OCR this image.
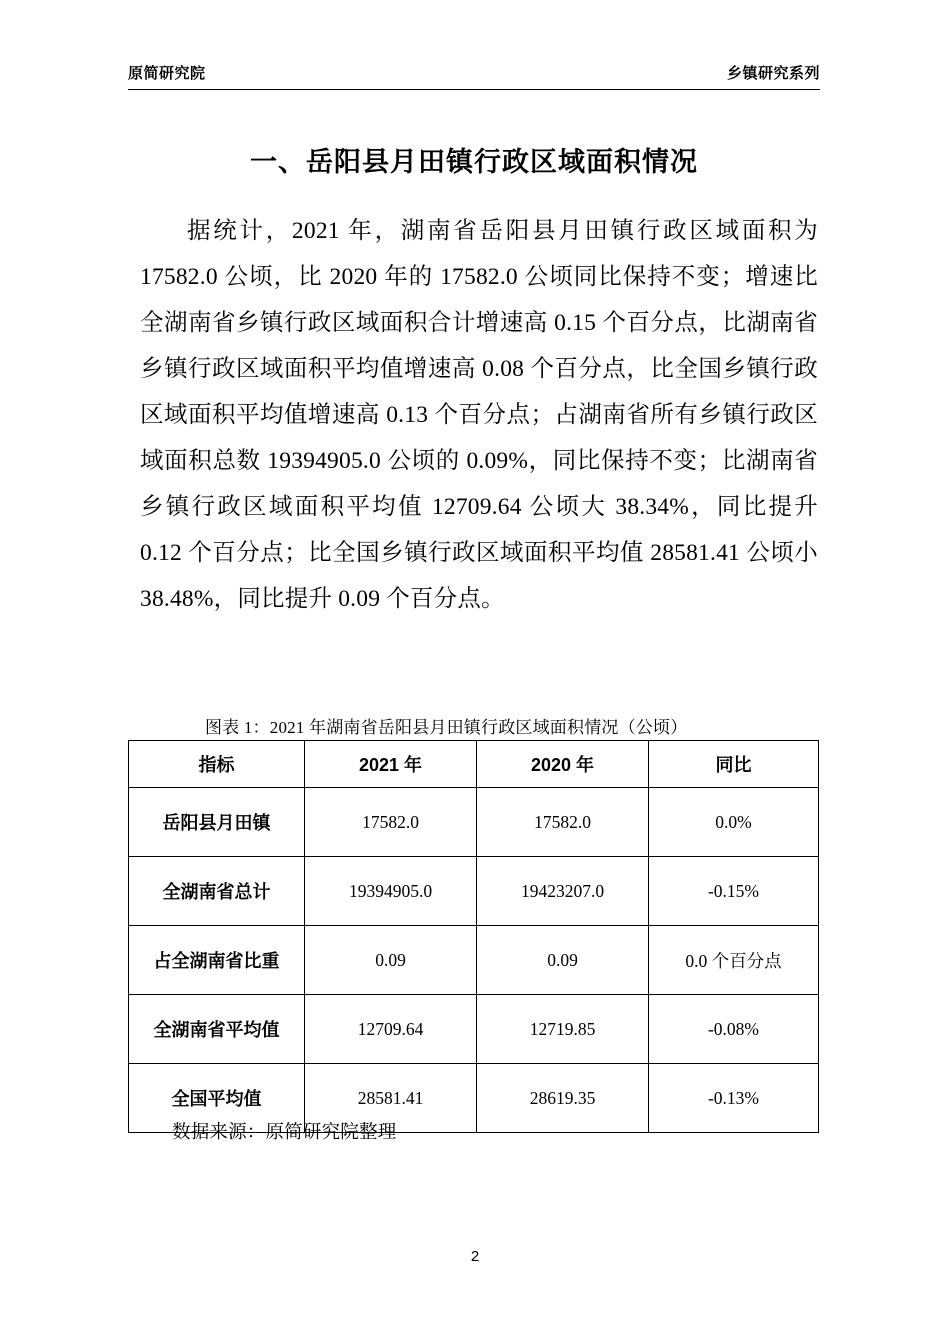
原简研究院	乡镇研究系列
一、岳阳县月田镇行政区域面积情况
据统计，2021 年，湖南省岳阳县月田镇行政区域面积为 17582.0 公顷，比 2020 年的 17582.0 公顷同比保持不变；增速比全湖南省乡镇行政区域面积合计增速高 0.15 个百分点，比湖南省乡镇行政区域面积平均值增速高 0.08 个百分点，比全国乡镇行政区域面积平均值增速高 0.13 个百分点；占湖南省所有乡镇行政区域面积总数 19394905.0 公顷的 0.09%，同比保持不变；比湖南省乡镇行政区域面积平均值 12709.64 公顷大 38.34%，同比提升 0.12 个百分点；比全国乡镇行政区域面积平均值 28581.41 公顷小 38.48%，同比提升 0.09 个百分点。
图表 1：2021 年湖南省岳阳县月田镇行政区域面积情况（公顷）
指标	2021 年	2020 年	同比
岳阳县月田镇	17582.0	17582.0	0.0%
全湖南省总计	19394905.0	19423207.0	-0.15%
占全湖南省比重	0.09	0.09	0.0 个百分点
全湖南省平均值	12709.64	12719.85	-0.08%
全国平均值	28581.41	28619.35	-0.13%
数据来源：原简研究院整理
2
